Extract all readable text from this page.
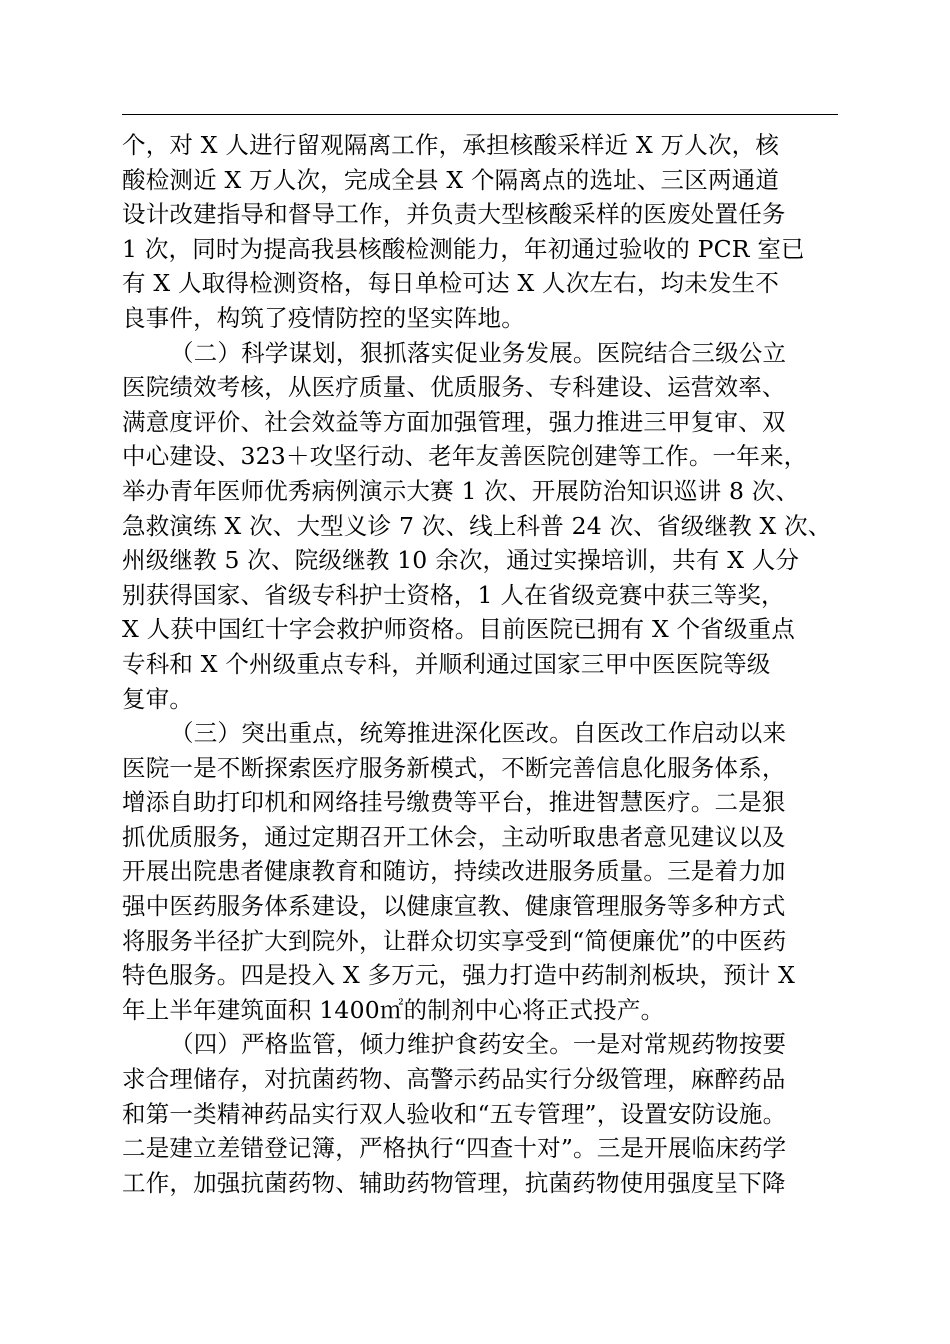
个，对 X 人进行留观隔离工作，承担核酸采样近 X 万人次，核
酸检测近 X 万人次，完成全县 X 个隔离点的选址、三区两通道
设计改建指导和督导工作，并负责大型核酸采样的医废处置任务
1 次，同时为提高我县核酸检测能力，年初通过验收的 PCR 室已
有 X 人取得检测资格，每日单检可达 X 人次左右，均未发生不
良事件，构筑了疫情防控的坚实阵地。
（二）科学谋划，狠抓落实促业务发展。医院结合三级公立
医院绩效考核，从医疗质量、优质服务、专科建设、运营效率、
满意度评价、社会效益等方面加强管理，强力推进三甲复审、双
中心建设、323＋攻坚行动、老年友善医院创建等工作。一年来，
举办青年医师优秀病例演示大赛 1 次、开展防治知识巡讲 8 次、
急救演练 X 次、大型义诊 7 次、线上科普 24 次、省级继教 X 次、
州级继教 5 次、院级继教 10 余次，通过实操培训，共有 X 人分
别获得国家、省级专科护士资格，1 人在省级竞赛中获三等奖，
X 人获中国红十字会救护师资格。目前医院已拥有 X 个省级重点
专科和 X 个州级重点专科，并顺利通过国家三甲中医医院等级
复审。
（三）突出重点，统筹推进深化医改。自医改工作启动以来
医院一是不断探索医疗服务新模式，不断完善信息化服务体系，
增添自助打印机和网络挂号缴费等平台，推进智慧医疗。二是狠
抓优质服务，通过定期召开工休会，主动听取患者意见建议以及
开展出院患者健康教育和随访，持续改进服务质量。三是着力加
强中医药服务体系建设，以健康宣教、健康管理服务等多种方式
将服务半径扩大到院外，让群众切实享受到“简便廉优”的中医药
特色服务。四是投入 X 多万元，强力打造中药制剂板块，预计 X
年上半年建筑面积 1400㎡的制剂中心将正式投产。
（四）严格监管，倾力维护食药安全。一是对常规药物按要
求合理储存，对抗菌药物、高警示药品实行分级管理，麻醉药品
和第一类精神药品实行双人验收和“五专管理”，设置安防设施。
二是建立差错登记簿，严格执行“四查十对”。三是开展临床药学
工作，加强抗菌药物、辅助药物管理，抗菌药物使用强度呈下降
